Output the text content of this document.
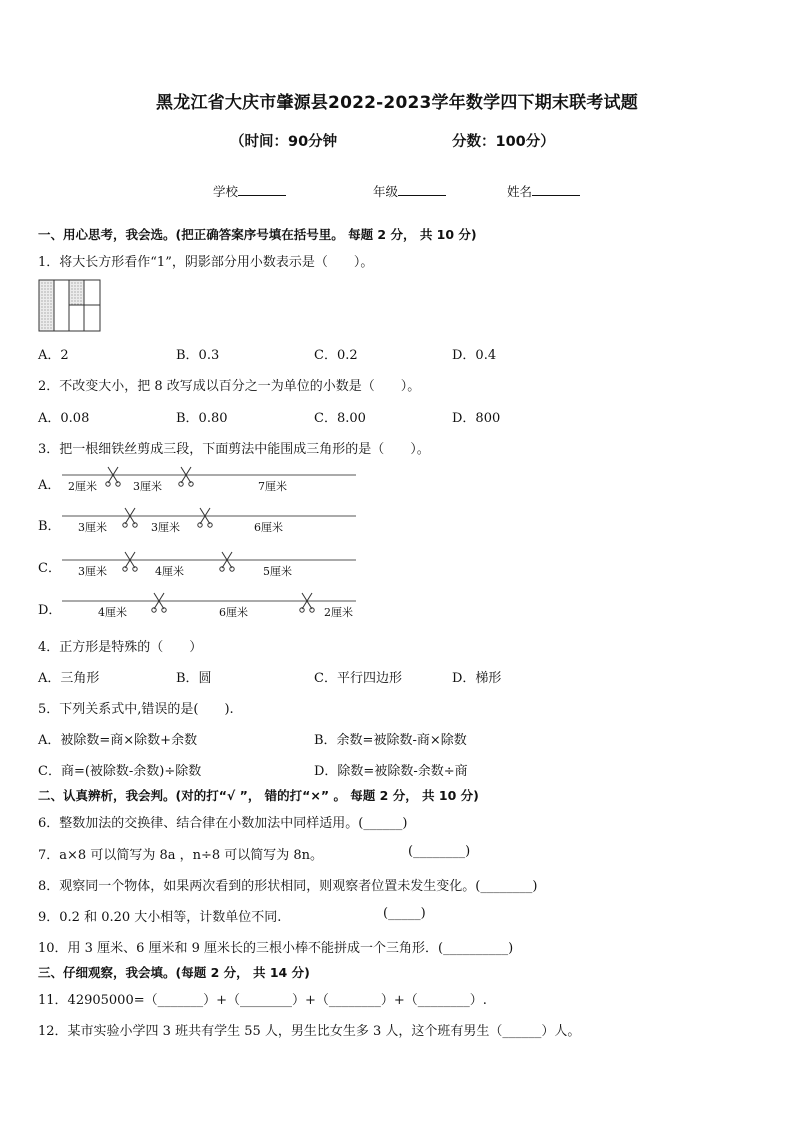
黑龙江省大庆市肇源县2022-2023学年数学四下期末联考试题
（时间：90分钟	分数：100分）
学校	年级	姓名
一、用心思考，我会选。(把正确答案序号填在括号里。 每题 2 分， 共 10 分)
1．将大长方形看作“1”，阴影部分用小数表示是（　　）。
A．2	B．0.3	C．0.2	D．0.4
2．不改变大小，把 8 改写成以百分之一为单位的小数是（　　）。
A．0.08	B．0.80	C．8.00	D．800
3．把一根细铁丝剪成三段，下面剪法中能围成三角形的是（　　）。
A． 2厘米	3厘米	7厘米
B． 3厘米	3厘米	6厘米
C． 3厘米	4厘米	5厘米
D．	4厘米	6厘米	2厘米
4．正方形是特殊的（　　）
A．三角形	B．圆	C．平行四边形	D．梯形
5．下列关系式中,错误的是(　　).
A．被除数=商×除数+余数	B．余数=被除数-商×除数
C．商=(被除数-余数)÷除数	D．除数=被除数-余数÷商
二、认真辨析，我会判。(对的打“√ ”， 错的打“×” 。 每题 2 分， 共 10 分)
6．整数加法的交换律、结合律在小数加法中同样适用。(______)
7．a×8 可以简写为 8a ，n÷8 可以简写为 8n。	(________)
8．观察同一个物体，如果两次看到的形状相同，则观察者位置未发生变化。(________)
9．0.2 和 0.20 大小相等，计数单位不同.	(_____)
10．用 3 厘米、6 厘米和 9 厘米长的三根小棒不能拼成一个三角形．(__________)
三、仔细观察，我会填。(每题 2 分， 共 14 分)
11．42905000=（_______）+（________）+（________）+（________）.
12．某市实验小学四 3 班共有学生 55 人，男生比女生多 3 人，这个班有男生（______）人。
